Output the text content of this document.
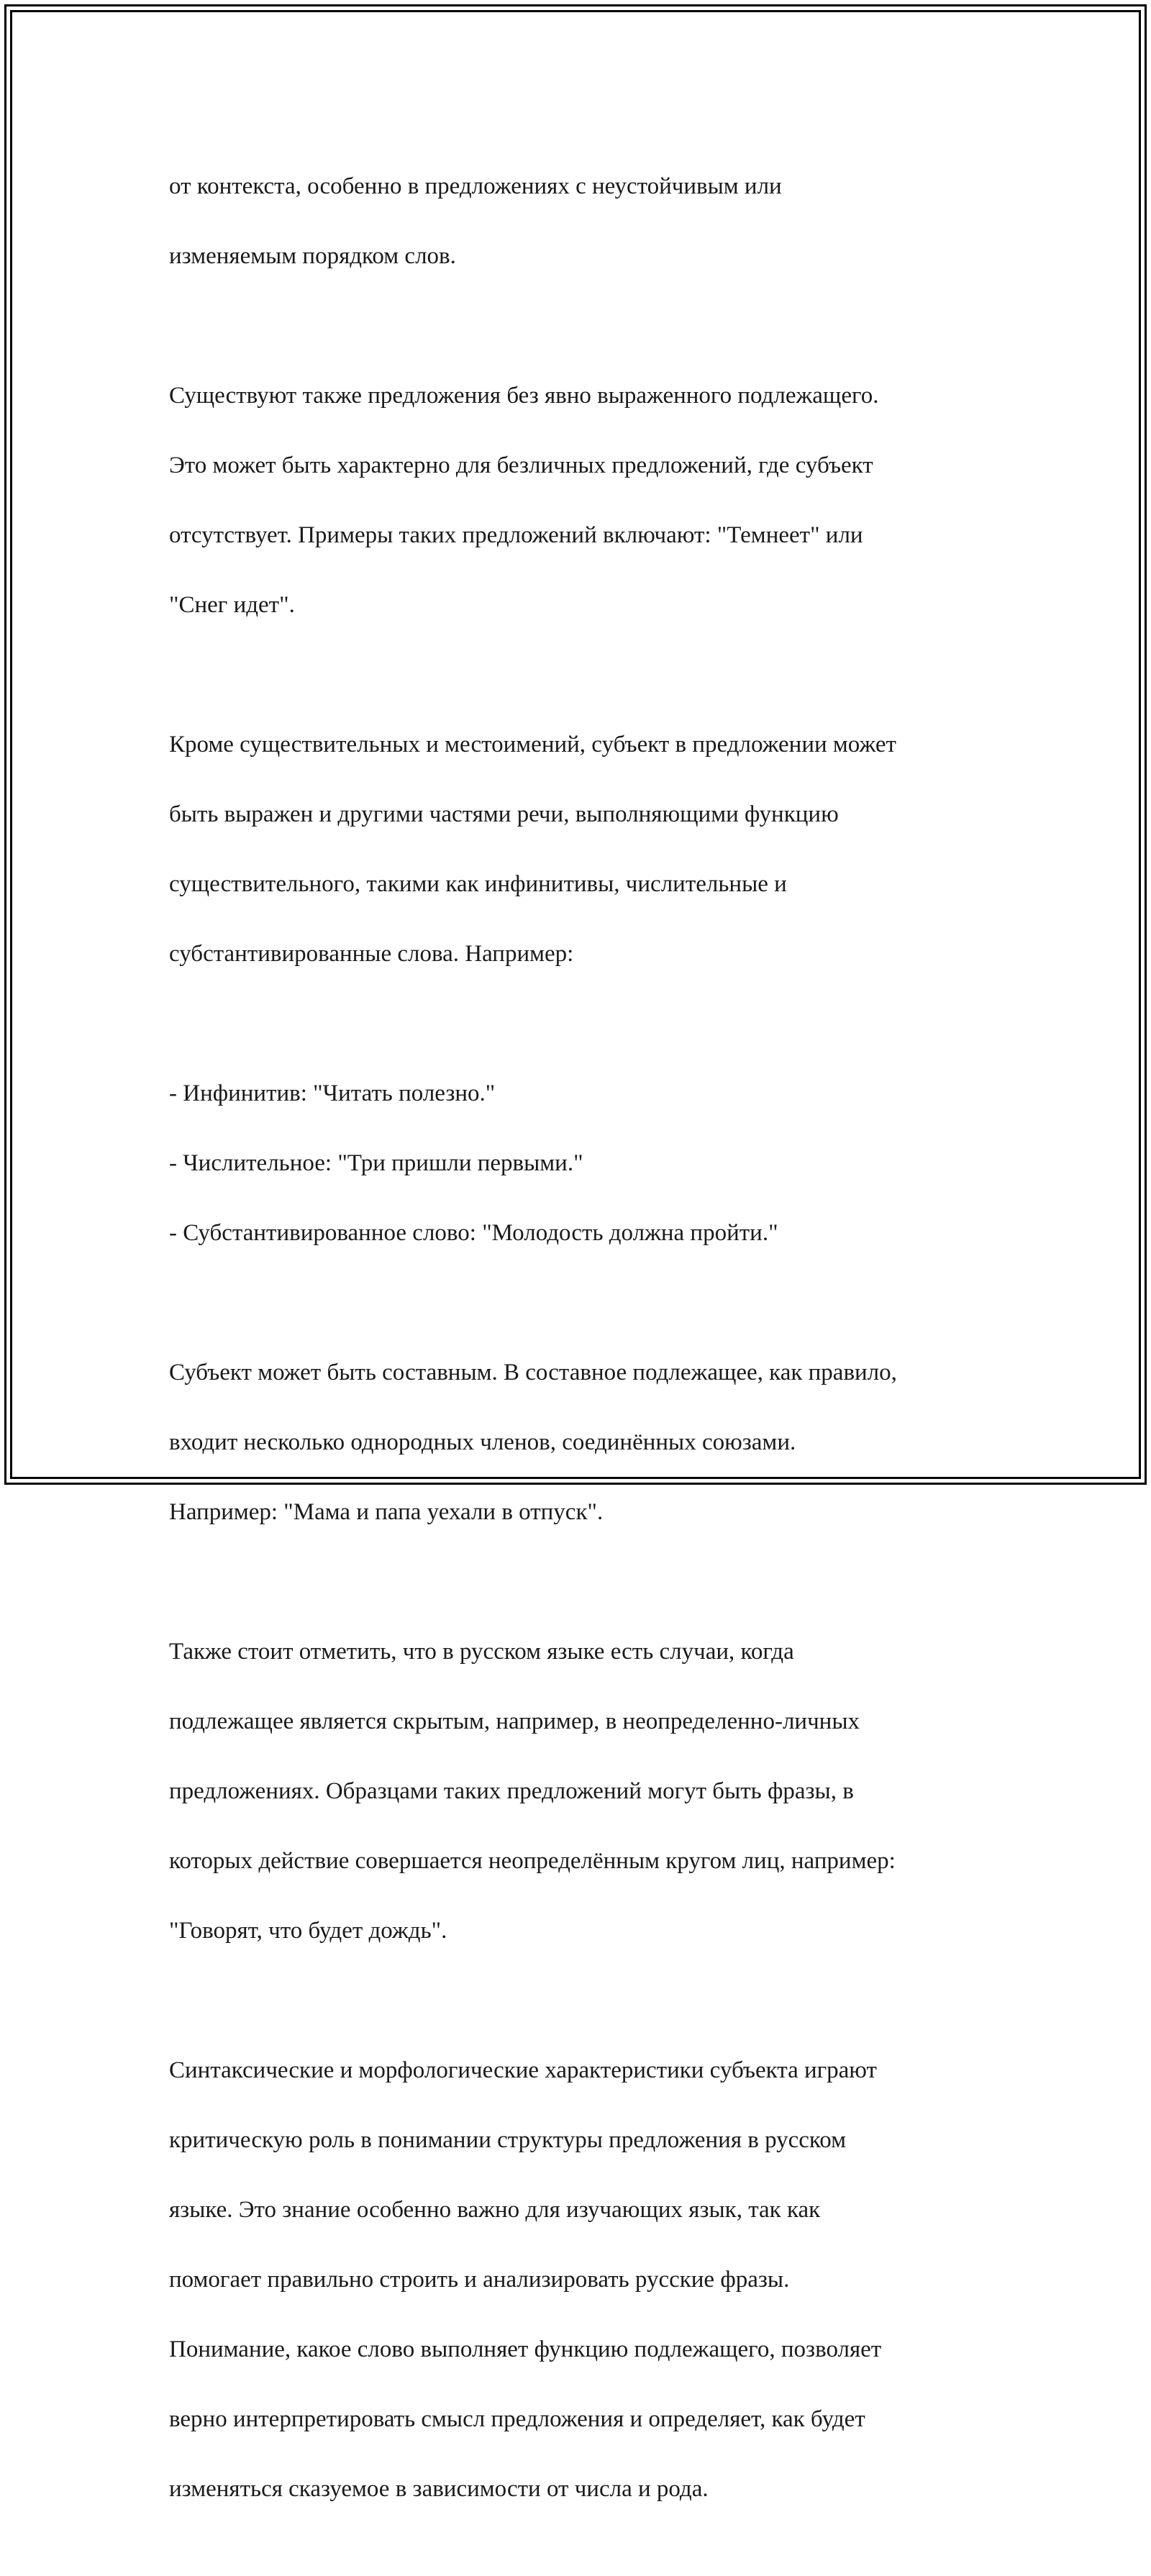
от контекста, особенно в предложениях с неустойчивым или

изменяемым порядком слов.

Существуют также предложения без явно выраженного подлежащего.

Это может быть характерно для безличных предложений, где субъект

отсутствует. Примеры таких предложений включают: "Темнеет" или

"Снег идет".

Кроме существительных и местоимений, субъект в предложении может

быть выражен и другими частями речи, выполняющими функцию

существительного, такими как инфинитивы, числительные и

субстантивированные слова. Например:

- Инфинитив: "Читать полезно."

- Числительное: "Три пришли первыми."

- Субстантивированное слово: "Молодость должна пройти."

Субъект может быть составным. В составное подлежащее, как правило,

входит несколько однородных членов, соединённых союзами.

Например: "Мама и папа уехали в отпуск".

Также стоит отметить, что в русском языке есть случаи, когда

подлежащее является скрытым, например, в неопределенно-личных

предложениях. Образцами таких предложений могут быть фразы, в

которых действие совершается неопределённым кругом лиц, например:

"Говорят, что будет дождь".

Синтаксические и морфологические характеристики субъекта играют

критическую роль в понимании структуры предложения в русском

языке. Это знание особенно важно для изучающих язык, так как

помогает правильно строить и анализировать русские фразы.

Понимание, какое слово выполняет функцию подлежащего, позволяет

верно интерпретировать смысл предложения и определяет, как будет

изменяться сказуемое в зависимости от числа и рода.
